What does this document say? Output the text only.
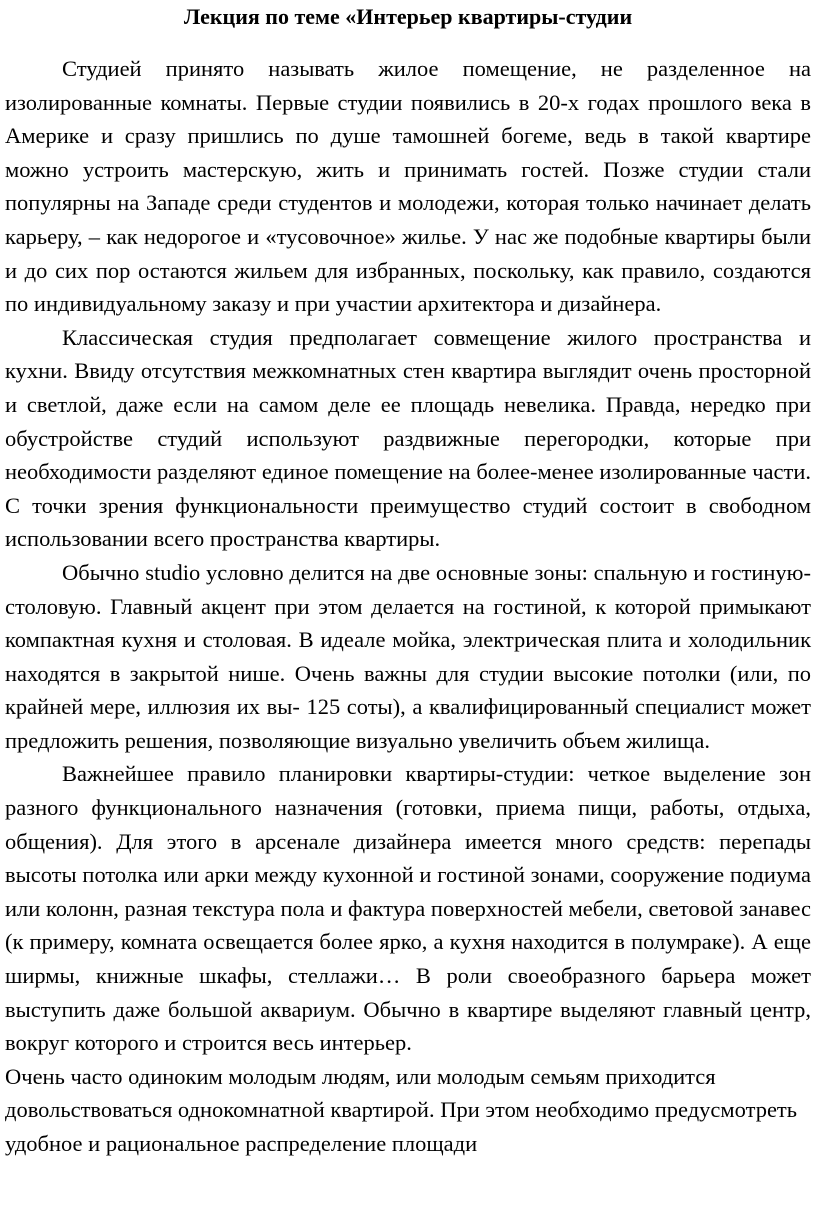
Лекция по теме «Интерьер квартиры-студии

Студией принято называть жилое помещение, не разделенное на изолированные комнаты. Первые студии появились в 20-х годах прошлого века в Америке и сразу пришлись по душе тамошней богеме, ведь в такой квартире можно устроить мастерскую, жить и принимать гостей. Позже студии стали популярны на Западе среди студентов и молодежи, которая только начинает делать карьеру, – как недорогое и «тусовочное» жилье. У нас же подобные квартиры были и до сих пор остаются жильем для избранных, поскольку, как правило, создаются по индивидуальному заказу и при участии архитектора и дизайнера.

Классическая студия предполагает совмещение жилого пространства и кухни. Ввиду отсутствия межкомнатных стен квартира выглядит очень просторной и светлой, даже если на самом деле ее площадь невелика. Правда, нередко при обустройстве студий используют раздвижные перегородки, которые при необходимости разделяют единое помещение на более-менее изолированные части. С точки зрения функциональности преимущество студий состоит в свободном использовании всего пространства квартиры.

Обычно studio условно делится на две основные зоны: спальную и гостиную-столовую. Главный акцент при этом делается на гостиной, к которой примыкают компактная кухня и столовая. В идеале мойка, электрическая плита и холодильник находятся в закрытой нише. Очень важны для студии высокие потолки (или, по крайней мере, иллюзия их вы- 125 соты), а квалифицированный специалист может предложить решения, позволяющие визуально увеличить объем жилища.

Важнейшее правило планировки квартиры-студии: четкое выделение зон разного функционального назначения (готовки, приема пищи, работы, отдыха, общения). Для этого в арсенале дизайнера имеется много средств: перепады высоты потолка или арки между кухонной и гостиной зонами, сооружение подиума или колонн, разная текстура пола и фактура поверхностей мебели, световой занавес (к примеру, комната освещается более ярко, а кухня находится в полумраке). А еще ширмы, книжные шкафы, стеллажи… В роли своеобразного барьера может выступить даже большой аквариум. Обычно в квартире выделяют главный центр, вокруг которого и строится весь интерьер.

Очень часто одиноким молодым людям, или молодым семьям приходится довольствоваться однокомнатной квартирой. При этом необходимо предусмотреть удобное и рациональное распределение площади
